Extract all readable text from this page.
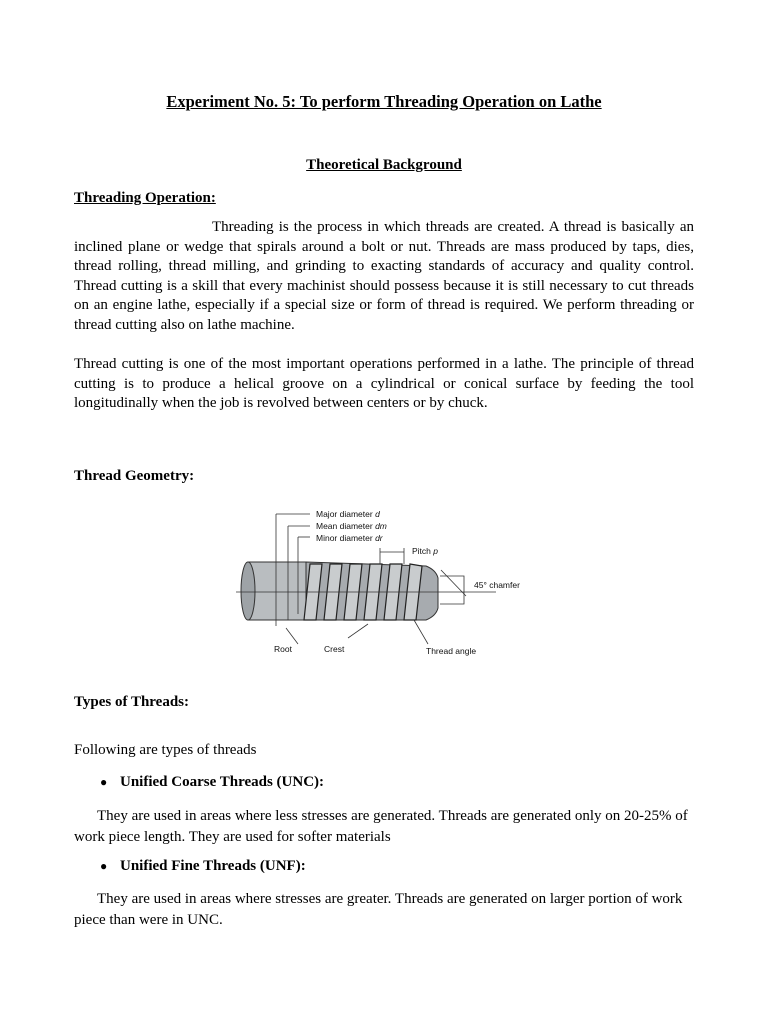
Experiment No. 5: To perform Threading Operation on Lathe
Theoretical Background
Threading Operation:
Threading is the process in which threads are created. A thread is basically an inclined plane or wedge that spirals around a bolt or nut. Threads are mass produced by taps, dies, thread rolling, thread milling, and grinding to exacting standards of accuracy and quality control. Thread cutting is a skill that every machinist should possess because it is still necessary to cut threads on an engine lathe, especially if a special size or form of thread is required. We perform threading or thread cutting also on lathe machine.
Thread cutting is one of the most important operations performed in a lathe. The principle of thread cutting is to produce a helical groove on a cylindrical or conical surface by feeding the tool longitudinally when the job is revolved between centers or by chuck.
Thread Geometry:
Major diameter d
Mean diameter dm
Minor diameter dr
Pitch p
45° chamfer
Root	Crest	Thread angle
Types of Threads:
Following are types of threads
● Unified Coarse Threads (UNC):
They are used in areas where less stresses are generated. Threads are generated only on 20-25% of work piece length. They are used for softer materials
● Unified Fine Threads (UNF):
They are used in areas where stresses are greater. Threads are generated on larger portion of work piece than were in UNC.
